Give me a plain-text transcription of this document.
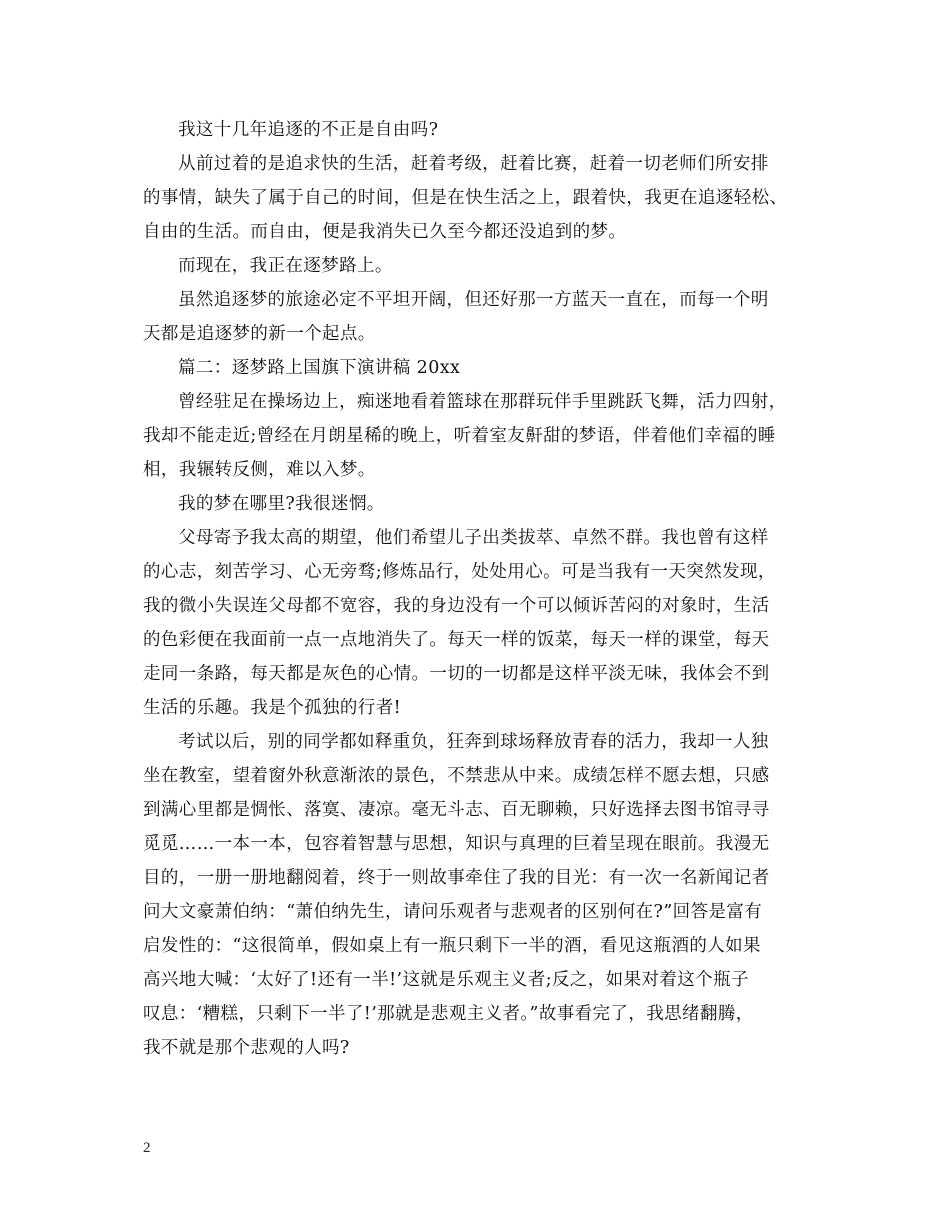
我这十几年追逐的不正是自由吗?
从前过着的是追求快的生活，赶着考级，赶着比赛，赶着一切老师们所安排
的事情，缺失了属于自己的时间，但是在快生活之上，跟着快，我更在追逐轻松、
自由的生活。而自由，便是我消失已久至今都还没追到的梦。
而现在，我正在逐梦路上。
虽然追逐梦的旅途必定不平坦开阔，但还好那一方蓝天一直在，而每一个明
天都是追逐梦的新一个起点。
篇二：逐梦路上国旗下演讲稿 20xx
曾经驻足在操场边上，痴迷地看着篮球在那群玩伴手里跳跃飞舞，活力四射，
我却不能走近;曾经在月朗星稀的晚上，听着室友鼾甜的梦语，伴着他们幸福的睡
相，我辗转反侧，难以入梦。
我的梦在哪里?我很迷惘。
父母寄予我太高的期望，他们希望儿子出类拔萃、卓然不群。我也曾有这样
的心志，刻苦学习、心无旁骛;修炼品行，处处用心。可是当我有一天突然发现，
我的微小失误连父母都不宽容，我的身边没有一个可以倾诉苦闷的对象时，生活
的色彩便在我面前一点一点地消失了。每天一样的饭菜，每天一样的课堂，每天
走同一条路，每天都是灰色的心情。一切的一切都是这样平淡无味，我体会不到
生活的乐趣。我是个孤独的行者!
考试以后，别的同学都如释重负，狂奔到球场释放青春的活力，我却一人独
坐在教室，望着窗外秋意渐浓的景色，不禁悲从中来。成绩怎样不愿去想，只感
到满心里都是惆怅、落寞、凄凉。毫无斗志、百无聊赖，只好选择去图书馆寻寻
觅觅……一本一本，包容着智慧与思想，知识与真理的巨着呈现在眼前。我漫无
目的，一册一册地翻阅着，终于一则故事牵住了我的目光：有一次一名新闻记者
问大文豪萧伯纳：“萧伯纳先生，请问乐观者与悲观者的区别何在?”回答是富有
启发性的：“这很简单，假如桌上有一瓶只剩下一半的酒，看见这瓶酒的人如果
高兴地大喊：‘太好了!还有一半!’这就是乐观主义者;反之，如果对着这个瓶子
叹息：‘糟糕，只剩下一半了!’那就是悲观主义者。”故事看完了，我思绪翻腾，
我不就是那个悲观的人吗?
2
